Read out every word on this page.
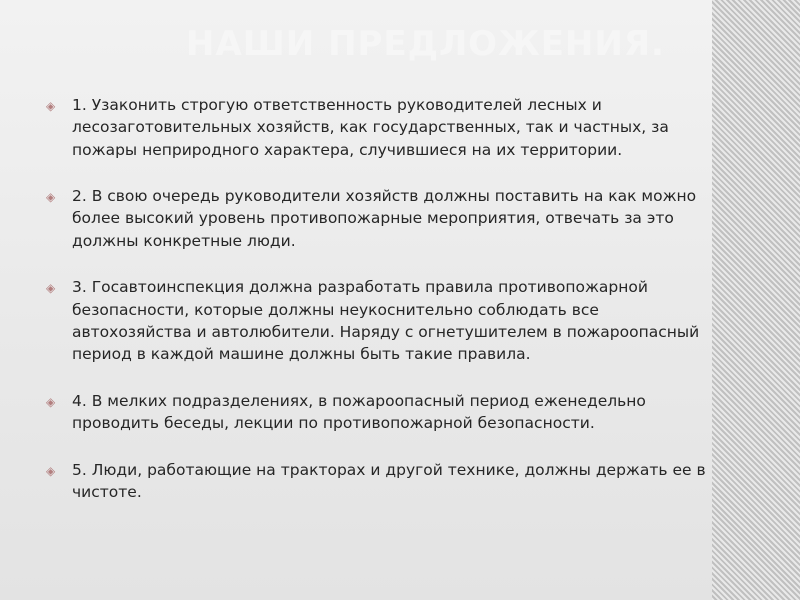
НАШИ ПРЕДЛОЖЕНИЯ.
◈ 1. Узаконить строгую ответственность руководителей лесных и лесозаготовительных хозяйств, как государственных, так и частных, за пожары неприродного характера, случившиеся на их территории.
◈ 2. В свою очередь руководители хозяйств должны поставить на как можно более высокий уровень противопожарные мероприятия, отвечать за это должны конкретные люди.
◈ 3. Госавтоинспекция должна разработать правила противопожарной безопасности, которые должны неукоснительно соблюдать все автохозяйства и автолюбители. Наряду с огнетушителем в пожароопасный период в каждой машине должны быть такие правила.
◈ 4. В мелких подразделениях, в пожароопасный период еженедельно проводить беседы, лекции по противопожарной безопасности.
◈ 5. Люди, работающие на тракторах и другой технике, должны держать ее в чистоте.
